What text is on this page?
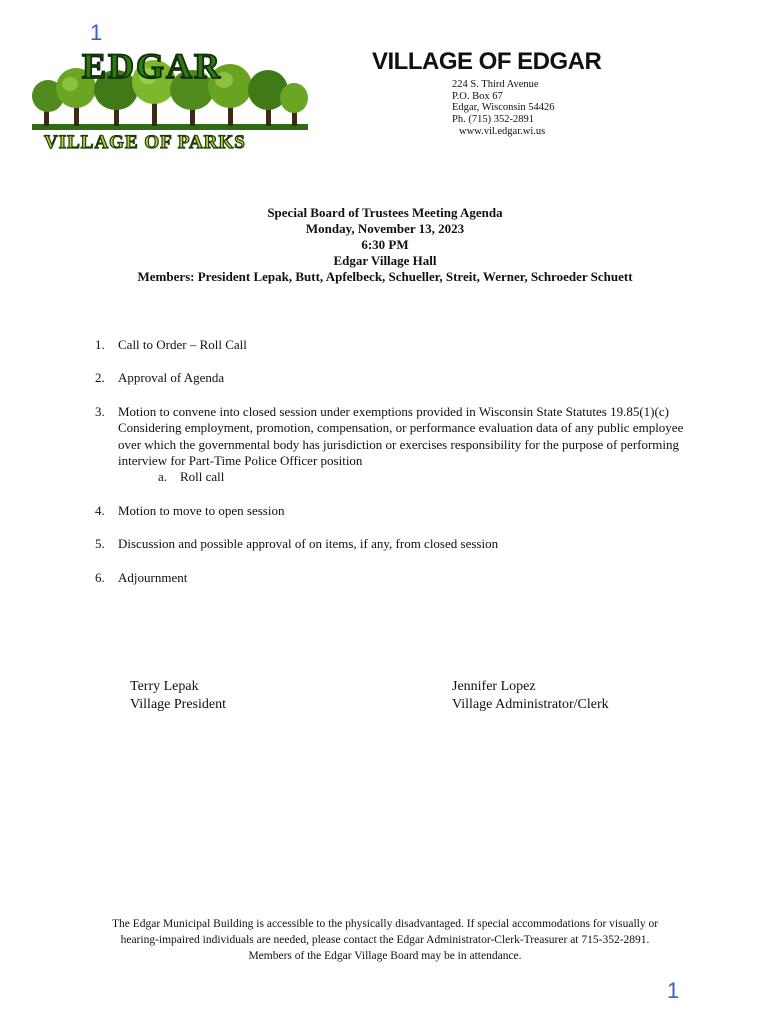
1
EDGAR
VILLAGE OF PARKS
VILLAGE OF EDGAR
224 S. Third Avenue
P.O. Box 67
Edgar, Wisconsin 54426
Ph. (715) 352-2891
www.vil.edgar.wi.us
Special Board of Trustees Meeting Agenda
Monday, November 13, 2023
6:30 PM
Edgar Village Hall
Members: President Lepak, Butt, Apfelbeck, Schueller, Streit, Werner, Schroeder Schuett
1.	Call to Order – Roll Call
2.	Approval of Agenda
3.	Motion to convene into closed session under exemptions provided in Wisconsin State Statutes 19.85(1)(c) Considering employment, promotion, compensation, or performance evaluation data of any public employee over which the governmental body has jurisdiction or exercises responsibility for the purpose of performing interview for Part-Time Police Officer position
a. Roll call
4.	Motion to move to open session
5.	Discussion and possible approval of on items, if any, from closed session
6.	Adjournment
Terry Lepak
Village President
Jennifer Lopez
Village Administrator/Clerk
The Edgar Municipal Building is accessible to the physically disadvantaged. If special accommodations for visually or
hearing-impaired individuals are needed, please contact the Edgar Administrator-Clerk-Treasurer at 715-352-2891.
Members of the Edgar Village Board may be in attendance.
1
